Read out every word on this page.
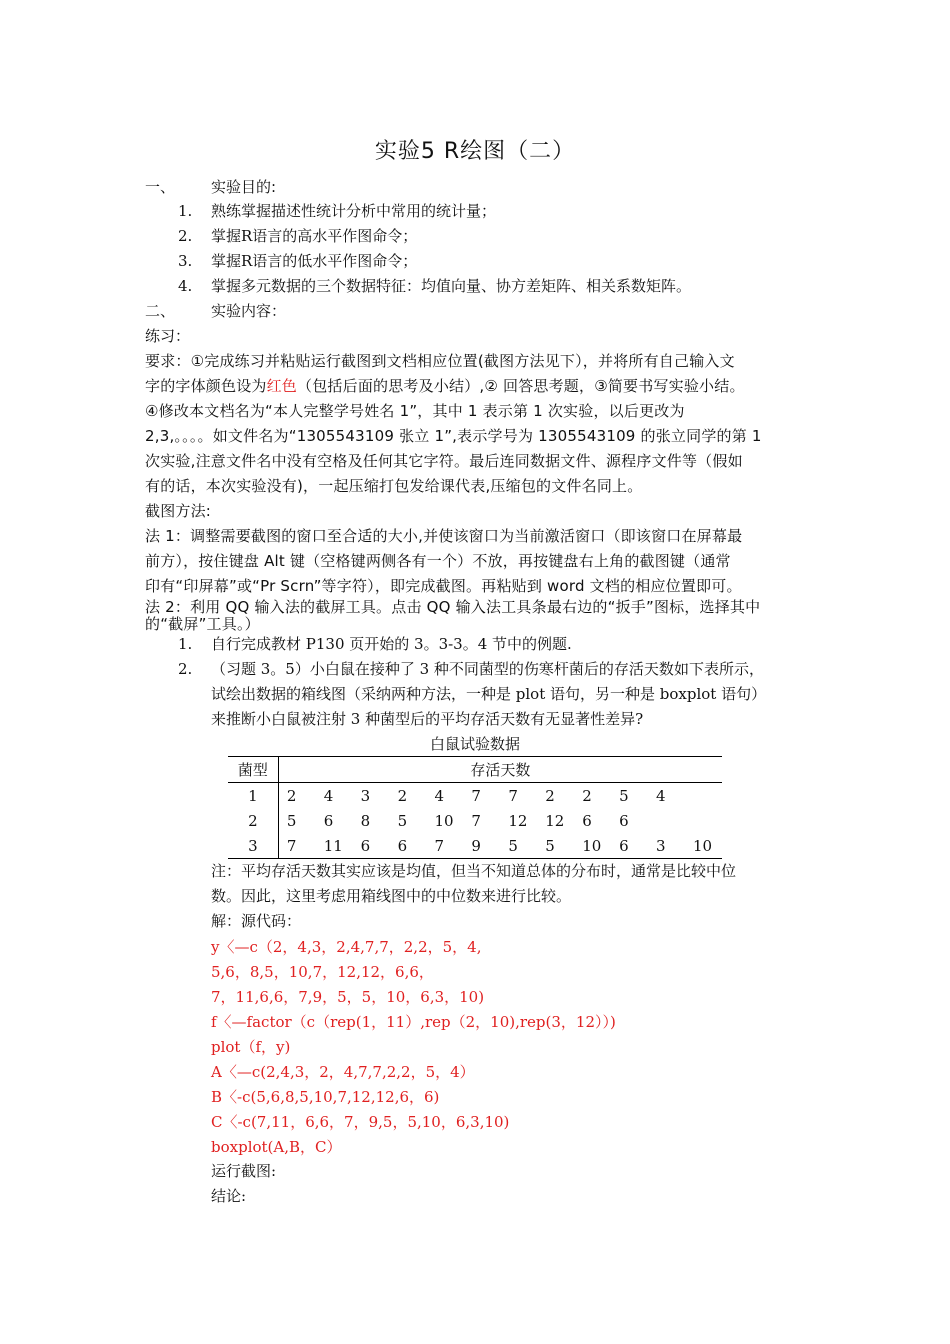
实验5 R绘图（二）
一、 实验目的:
1. 熟练掌握描述性统计分析中常用的统计量；
2. 掌握R语言的高水平作图命令；
3. 掌握R语言的低水平作图命令；
4. 掌握多元数据的三个数据特征：均值向量、协方差矩阵、相关系数矩阵。
二、 实验内容：
练习：
要求：①完成练习并粘贴运行截图到文档相应位置(截图方法见下），并将所有自己输入文
字的字体颜色设为红色（包括后面的思考及小结）,② 回答思考题，③简要书写实验小结。
④修改本文档名为“本人完整学号姓名 1”，其中 1 表示第 1 次实验，以后更改为
2,3,。。。。如文件名为“1305543109 张立 1”,表示学号为 1305543109 的张立同学的第 1
次实验,注意文件名中没有空格及任何其它字符。最后连同数据文件、源程序文件等（假如
有的话，本次实验没有)，一起压缩打包发给课代表,压缩包的文件名同上。
截图方法:
法 1：调整需要截图的窗口至合适的大小,并使该窗口为当前激活窗口（即该窗口在屏幕最
前方），按住键盘 Alt 键（空格键两侧各有一个）不放，再按键盘右上角的截图键（通常
印有“印屏幕”或“Pr Scrn”等字符），即完成截图。再粘贴到 word 文档的相应位置即可。
法 2：利用 QQ 输入法的截屏工具。点击 QQ 输入法工具条最右边的“扳手”图标，选择其中
的“截屏”工具。）
1. 自行完成教材 P130 页开始的 3。3-3。4 节中的例题.
2. （习题 3。5）小白鼠在接种了 3 种不同菌型的伤寒杆菌后的存活天数如下表所示，
试绘出数据的箱线图（采纳两种方法，一种是 plot 语句，另一种是 boxplot 语句）
来推断小白鼠被注射 3 种菌型后的平均存活天数有无显著性差异?
白鼠试验数据
菌型	存活天数											
1	2	4	3	2	4	7	7	2	2	5	4	
2	5	6	8	5	10	7	12	12	6	6		
3	7	11	6	6	7	9	5	5	10	6	3	10
注：平均存活天数其实应该是均值，但当不知道总体的分布时，通常是比较中位
数。因此，这里考虑用箱线图中的中位数来进行比较。
解：源代码：
y〈—c（2，4,3，2,4,7,7，2,2，5，4,
5,6，8,5，10,7，12,12，6,6，
7，11,6,6，7,9，5，5，10，6,3，10)
f〈—factor（c（rep(1，11）,rep（2，10),rep(3，12））)
plot（f，y)
A〈—c(2,4,3，2，4,7,7,2,2，5，4）
B〈-c(5,6,8,5,10,7,12,12,6，6)
C〈-c(7,11，6,6，7，9,5，5,10，6,3,10)
boxplot(A,B，C）
运行截图:
结论:
